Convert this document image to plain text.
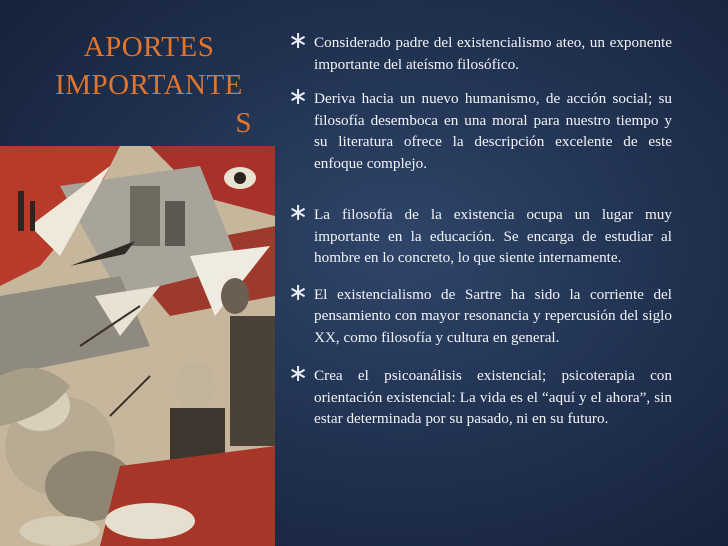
APORTES
IMPORTANTE

S
∗ Considerado padre del existencialismo ateo, un exponente importante del ateísmo filosófico.
∗ Deriva hacia un nuevo humanismo, de acción social; su filosofía desemboca en una moral para nuestro tiempo y su literatura ofrece la descripción excelente de este enfoque complejo.
∗ La filosofía de la existencia ocupa un lugar muy importante en la educación. Se encarga de estudiar al hombre en lo concreto, lo que siente internamente.
∗ El existencialismo de Sartre ha sido la corriente del pensamiento con mayor resonancia y repercusión del siglo XX, como filosofía y cultura en general.
∗ Crea el psicoanálisis existencial; psicoterapia con orientación existencial: La vida es el “aquí y el ahora”, sin estar determinada por su pasado, ni en su futuro.
